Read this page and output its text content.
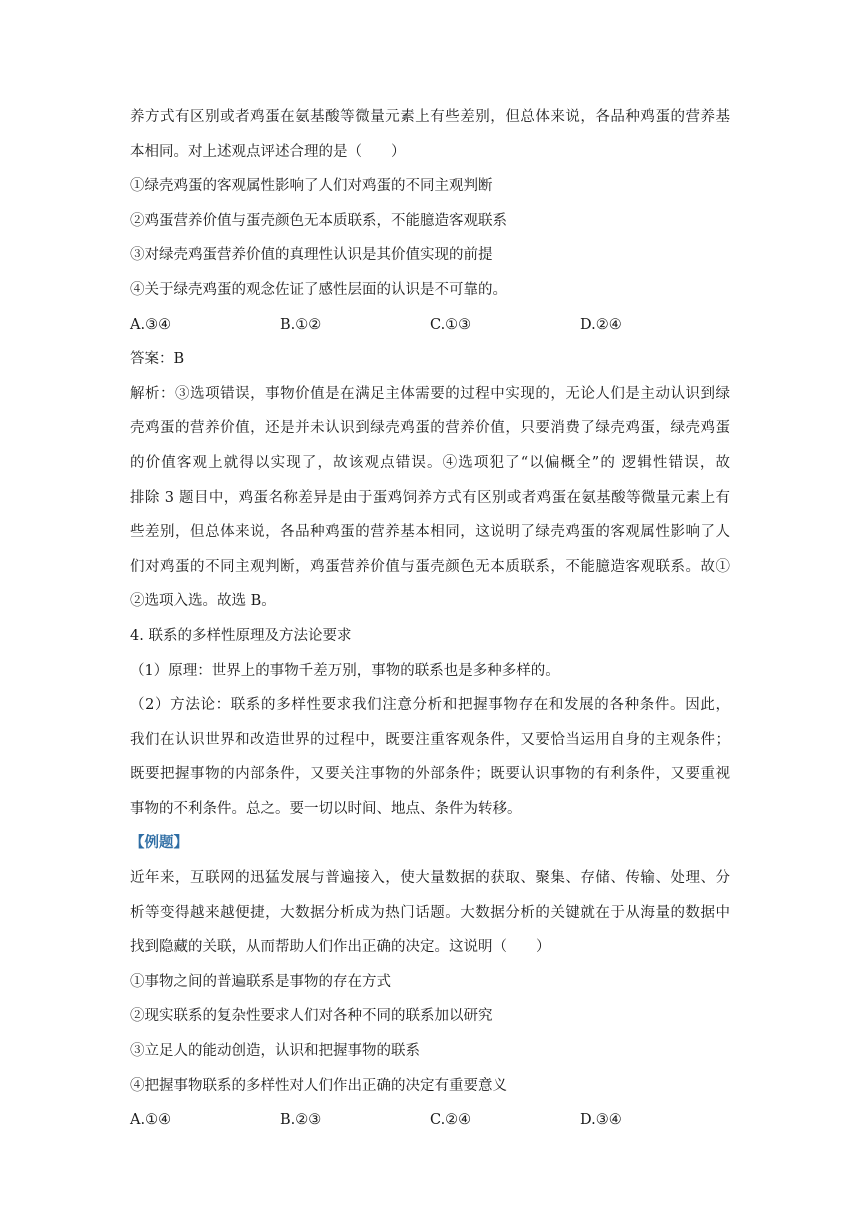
养方式有区别或者鸡蛋在氨基酸等微量元素上有些差别，但总体来说，各品种鸡蛋的营养基
本相同。对上述观点评述合理的是（　　）
①绿壳鸡蛋的客观属性影响了人们对鸡蛋的不同主观判断
②鸡蛋营养价值与蛋壳颜色无本质联系，不能臆造客观联系
③对绿壳鸡蛋营养价值的真理性认识是其价值实现的前提
④关于绿壳鸡蛋的观念佐证了感性层面的认识是不可靠的。
A.③④	B.①②	C.①③	D.②④
答案：B
解析：③选项错误，事物价值是在满足主体需要的过程中实现的，无论人们是主动认识到绿
壳鸡蛋的营养价值，还是并未认识到绿壳鸡蛋的营养价值，只要消费了绿壳鸡蛋，绿壳鸡蛋
的价值客观上就得以实现了，故该观点错误。④选项犯了“以偏概全”的 逻辑性错误，故
排除 3 题目中，鸡蛋名称差异是由于蛋鸡饲养方式有区别或者鸡蛋在氨基酸等微量元素上有
些差别，但总体来说，各品种鸡蛋的营养基本相同，这说明了绿壳鸡蛋的客观属性影响了人
们对鸡蛋的不同主观判断，鸡蛋营养价值与蛋壳颜色无本质联系，不能臆造客观联系。故①
②选项入选。故选 B。
4. 联系的多样性原理及方法论要求
（1）原理：世界上的事物千差万别，事物的联系也是多种多样的。
（2）方法论：联系的多样性要求我们注意分析和把握事物存在和发展的各种条件。因此，
我们在认识世界和改造世界的过程中，既要注重客观条件，又要恰当运用自身的主观条件；
既要把握事物的内部条件，又要关注事物的外部条件；既要认识事物的有利条件，又要重视
事物的不利条件。总之。要一切以时间、地点、条件为转移。
【例题】
近年来，互联网的迅猛发展与普遍接入，使大量数据的获取、聚集、存储、传输、处理、分
析等变得越来越便捷，大数据分析成为热门话题。大数据分析的关键就在于从海量的数据中
找到隐藏的关联，从而帮助人们作出正确的决定。这说明（　　）
①事物之间的普遍联系是事物的存在方式
②现实联系的复杂性要求人们对各种不同的联系加以研究
③立足人的能动创造，认识和把握事物的联系
④把握事物联系的多样性对人们作出正确的决定有重要意义
A.①④	B.②③	C.②④	D.③④
